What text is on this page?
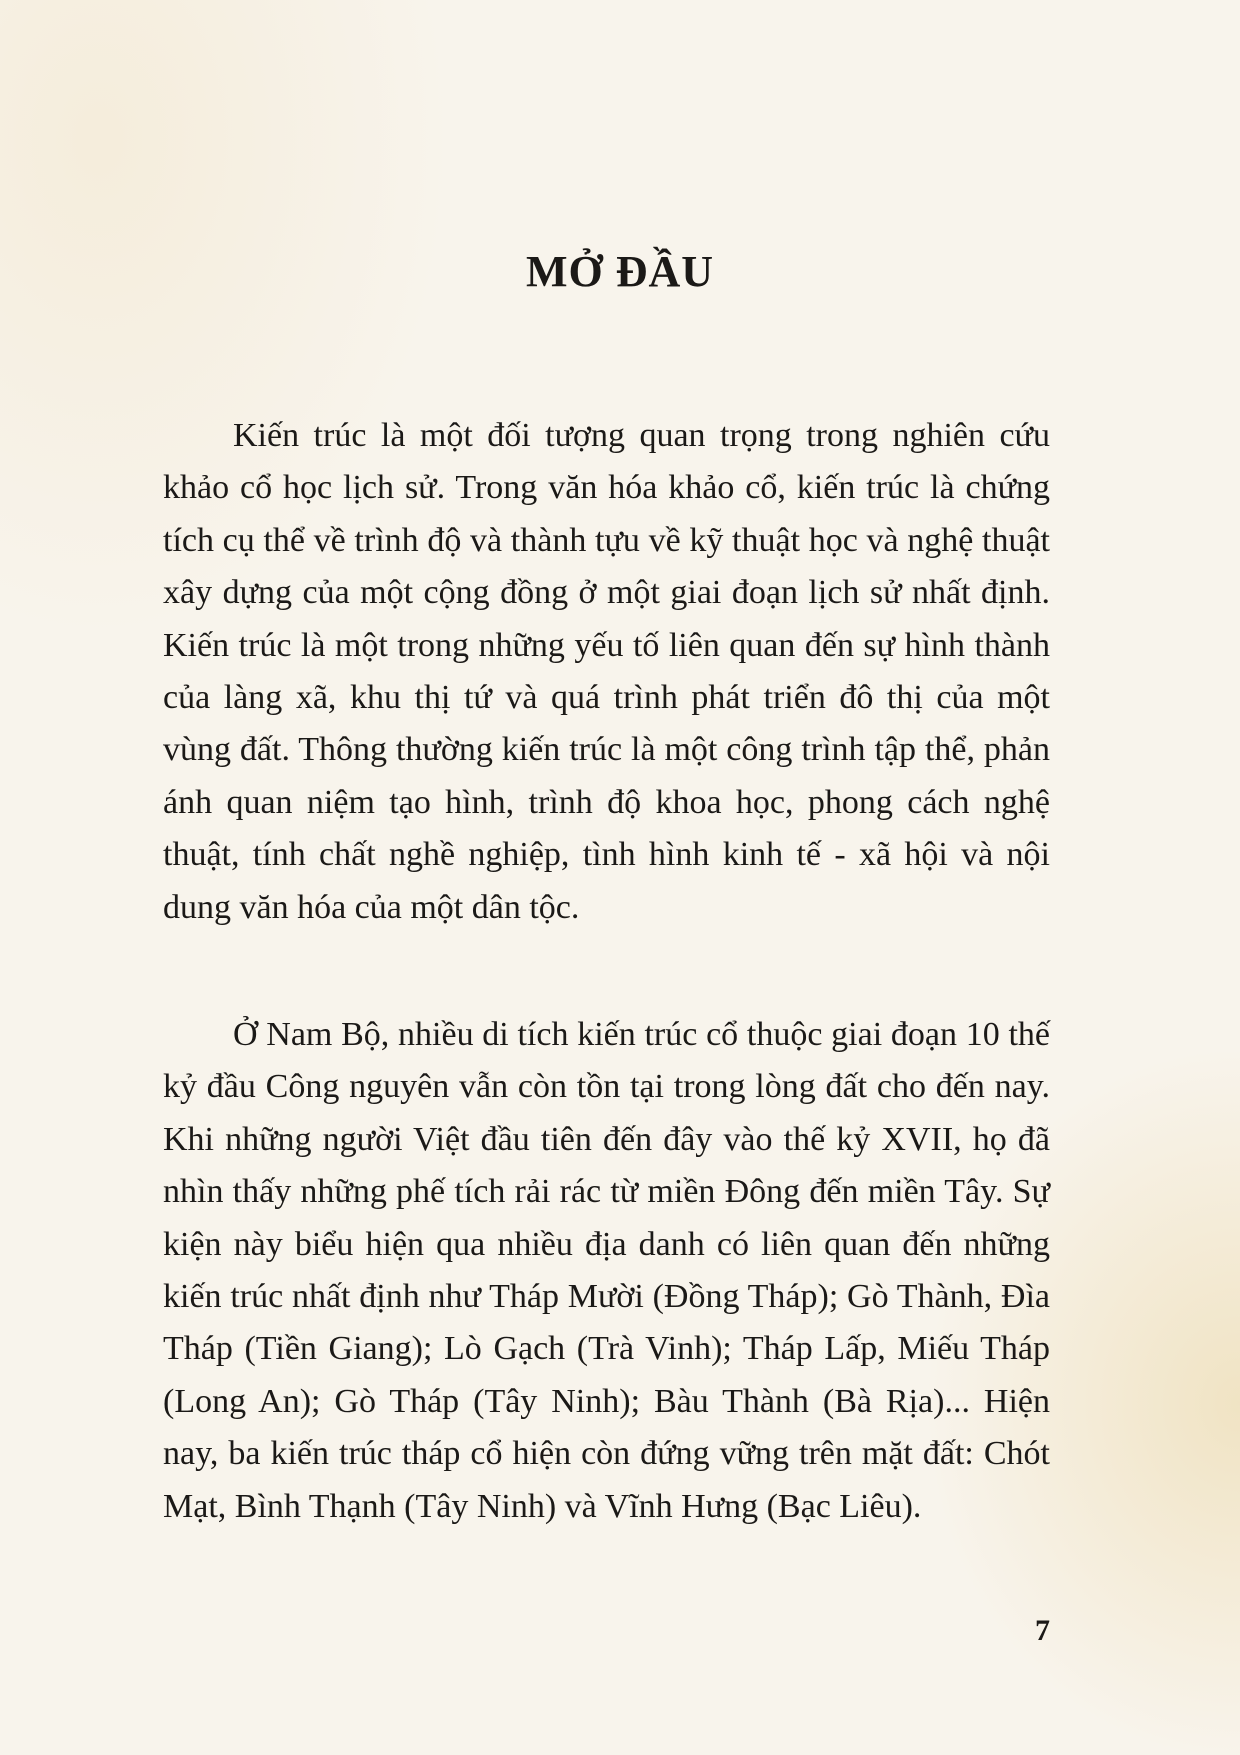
MỞ ĐẦU

Kiến trúc là một đối tượng quan trọng trong nghiên cứu khảo cổ học lịch sử. Trong văn hóa khảo cổ, kiến trúc là chứng tích cụ thể về trình độ và thành tựu về kỹ thuật học và nghệ thuật xây dựng của một cộng đồng ở một giai đoạn lịch sử nhất định. Kiến trúc là một trong những yếu tố liên quan đến sự hình thành của làng xã, khu thị tứ và quá trình phát triển đô thị của một vùng đất. Thông thường kiến trúc là một công trình tập thể, phản ánh quan niệm tạo hình, trình độ khoa học, phong cách nghệ thuật, tính chất nghề nghiệp, tình hình kinh tế - xã hội và nội dung văn hóa của một dân tộc.

Ở Nam Bộ, nhiều di tích kiến trúc cổ thuộc giai đoạn 10 thế kỷ đầu Công nguyên vẫn còn tồn tại trong lòng đất cho đến nay. Khi những người Việt đầu tiên đến đây vào thế kỷ XVII, họ đã nhìn thấy những phế tích rải rác từ miền Đông đến miền Tây. Sự kiện này biểu hiện qua nhiều địa danh có liên quan đến những kiến trúc nhất định như Tháp Mười (Đồng Tháp); Gò Thành, Đìa Tháp (Tiền Giang); Lò Gạch (Trà Vinh); Tháp Lấp, Miếu Tháp (Long An); Gò Tháp (Tây Ninh); Bàu Thành (Bà Rịa)... Hiện nay, ba kiến trúc tháp cổ hiện còn đứng vững trên mặt đất: Chót Mạt, Bình Thạnh (Tây Ninh) và Vĩnh Hưng (Bạc Liêu).

7
